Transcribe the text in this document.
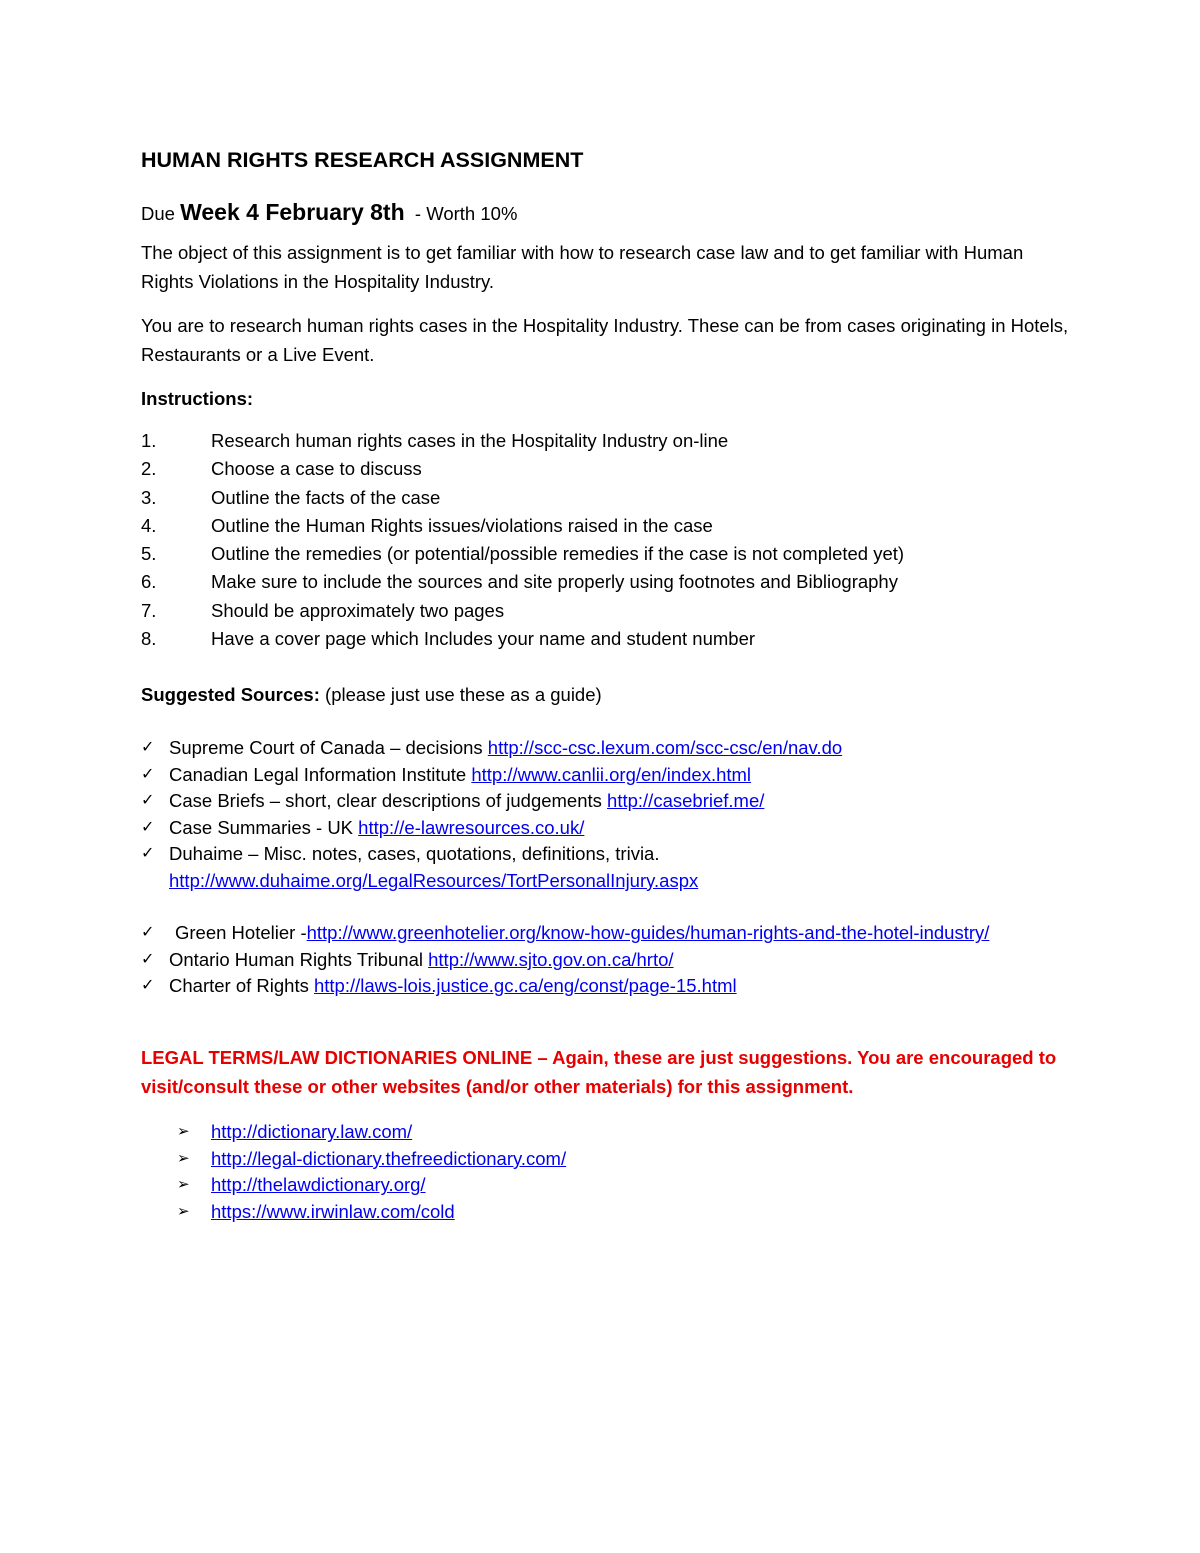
HUMAN RIGHTS RESEARCH ASSIGNMENT
Due Week 4 February 8th  - Worth 10%

The object of this assignment is to get familiar with how to research case law and to get familiar with Human Rights Violations in the Hospitality Industry.

You are to research human rights cases in the Hospitality Industry. These can be from cases originating in Hotels, Restaurants or a Live Event.

Instructions:
1.	Research human rights cases in the Hospitality Industry on-line
2.	Choose a case to discuss
3.	Outline the facts of the case
4.	Outline the Human Rights issues/violations raised in the case
5.	Outline the remedies (or potential/possible remedies if the case is not completed yet)
6.	Make sure to include the sources and site properly using footnotes and Bibliography
7.	Should be approximately two pages
8.	Have a cover page which Includes your name and student number
Suggested Sources: (please just use these as a guide)
✓ Supreme Court of Canada – decisions http://scc-csc.lexum.com/scc-csc/en/nav.do
✓ Canadian Legal Information Institute http://www.canlii.org/en/index.html
✓ Case Briefs – short, clear descriptions of judgements http://casebrief.me/
✓ Case Summaries - UK http://e-lawresources.co.uk/
✓ Duhaime – Misc. notes, cases, quotations, definitions, trivia.
http://www.duhaime.org/LegalResources/TortPersonalInjury.aspx
✓	Green Hotelier -http://www.greenhotelier.org/know-how-guides/human-rights-and-the-hotel-industry/
✓ Ontario Human Rights Tribunal http://www.sjto.gov.on.ca/hrto/
✓ Charter of Rights http://laws-lois.justice.gc.ca/eng/const/page-15.html

LEGAL TERMS/LAW DICTIONARIES ONLINE – Again, these are just suggestions. You are encouraged to visit/consult these or other websites (and/or other materials) for this assignment.

➢	http://dictionary.law.com/
➢	http://legal-dictionary.thefreedictionary.com/
➢	http://thelawdictionary.org/
➢	https://www.irwinlaw.com/cold
